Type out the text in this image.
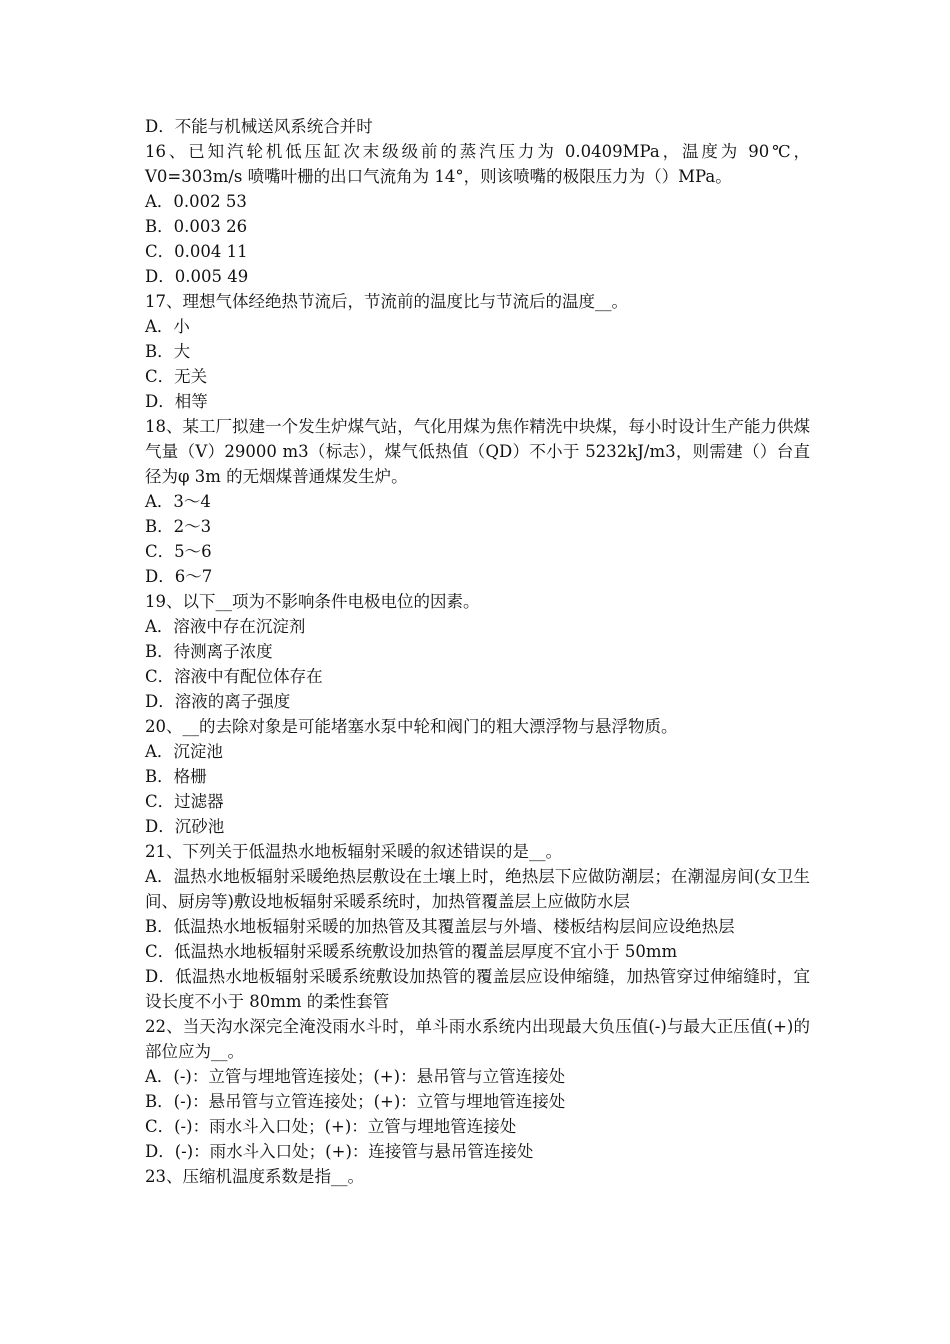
D．不能与机械送风系统合并时

16、已知汽轮机低压缸次末级级前的蒸汽压力为 0.0409MPa，温度为 90℃，V0=303m/s 喷嘴叶栅的出口气流角为 14°，则该喷嘴的极限压力为（）MPa。

A．0.002 53

B．0.003 26

C．0.004 11

D．0.005 49

17、理想气体经绝热节流后，节流前的温度比与节流后的温度__。

A．小

B．大

C．无关

D．相等

18、某工厂拟建一个发生炉煤气站，气化用煤为焦作精洗中块煤，每小时设计生产能力供煤气量（V）29000 m3（标志），煤气低热值（QD）不小于 5232kJ/m3，则需建（）台直径为φ 3m 的无烟煤普通煤发生炉。

A．3～4

B．2～3

C．5～6

D．6～7

19、以下__项为不影响条件电极电位的因素。

A．溶液中存在沉淀剂

B．待测离子浓度

C．溶液中有配位体存在

D．溶液的离子强度

20、__的去除对象是可能堵塞水泵中轮和阀门的粗大漂浮物与悬浮物质。

A．沉淀池

B．格栅

C．过滤器

D．沉砂池

21、下列关于低温热水地板辐射采暖的叙述错误的是__。

A．温热水地板辐射采暖绝热层敷设在土壤上时，绝热层下应做防潮层；在潮湿房间(女卫生间、厨房等)敷设地板辐射采暖系统时，加热管覆盖层上应做防水层

B．低温热水地板辐射采暖的加热管及其覆盖层与外墙、楼板结构层间应设绝热层

C．低温热水地板辐射采暖系统敷设加热管的覆盖层厚度不宜小于 50mm

D．低温热水地板辐射采暖系统敷设加热管的覆盖层应设伸缩缝，加热管穿过伸缩缝时，宜设长度不小于 80mm 的柔性套管

22、当天沟水深完全淹没雨水斗时，单斗雨水系统内出现最大负压值(-)与最大正压值(+)的部位应为__。

A．(-)：立管与埋地管连接处；(+)：悬吊管与立管连接处

B．(-)：悬吊管与立管连接处；(+)：立管与埋地管连接处

C．(-)：雨水斗入口处；(+)：立管与埋地管连接处

D．(-)：雨水斗入口处；(+)：连接管与悬吊管连接处

23、压缩机温度系数是指__。
